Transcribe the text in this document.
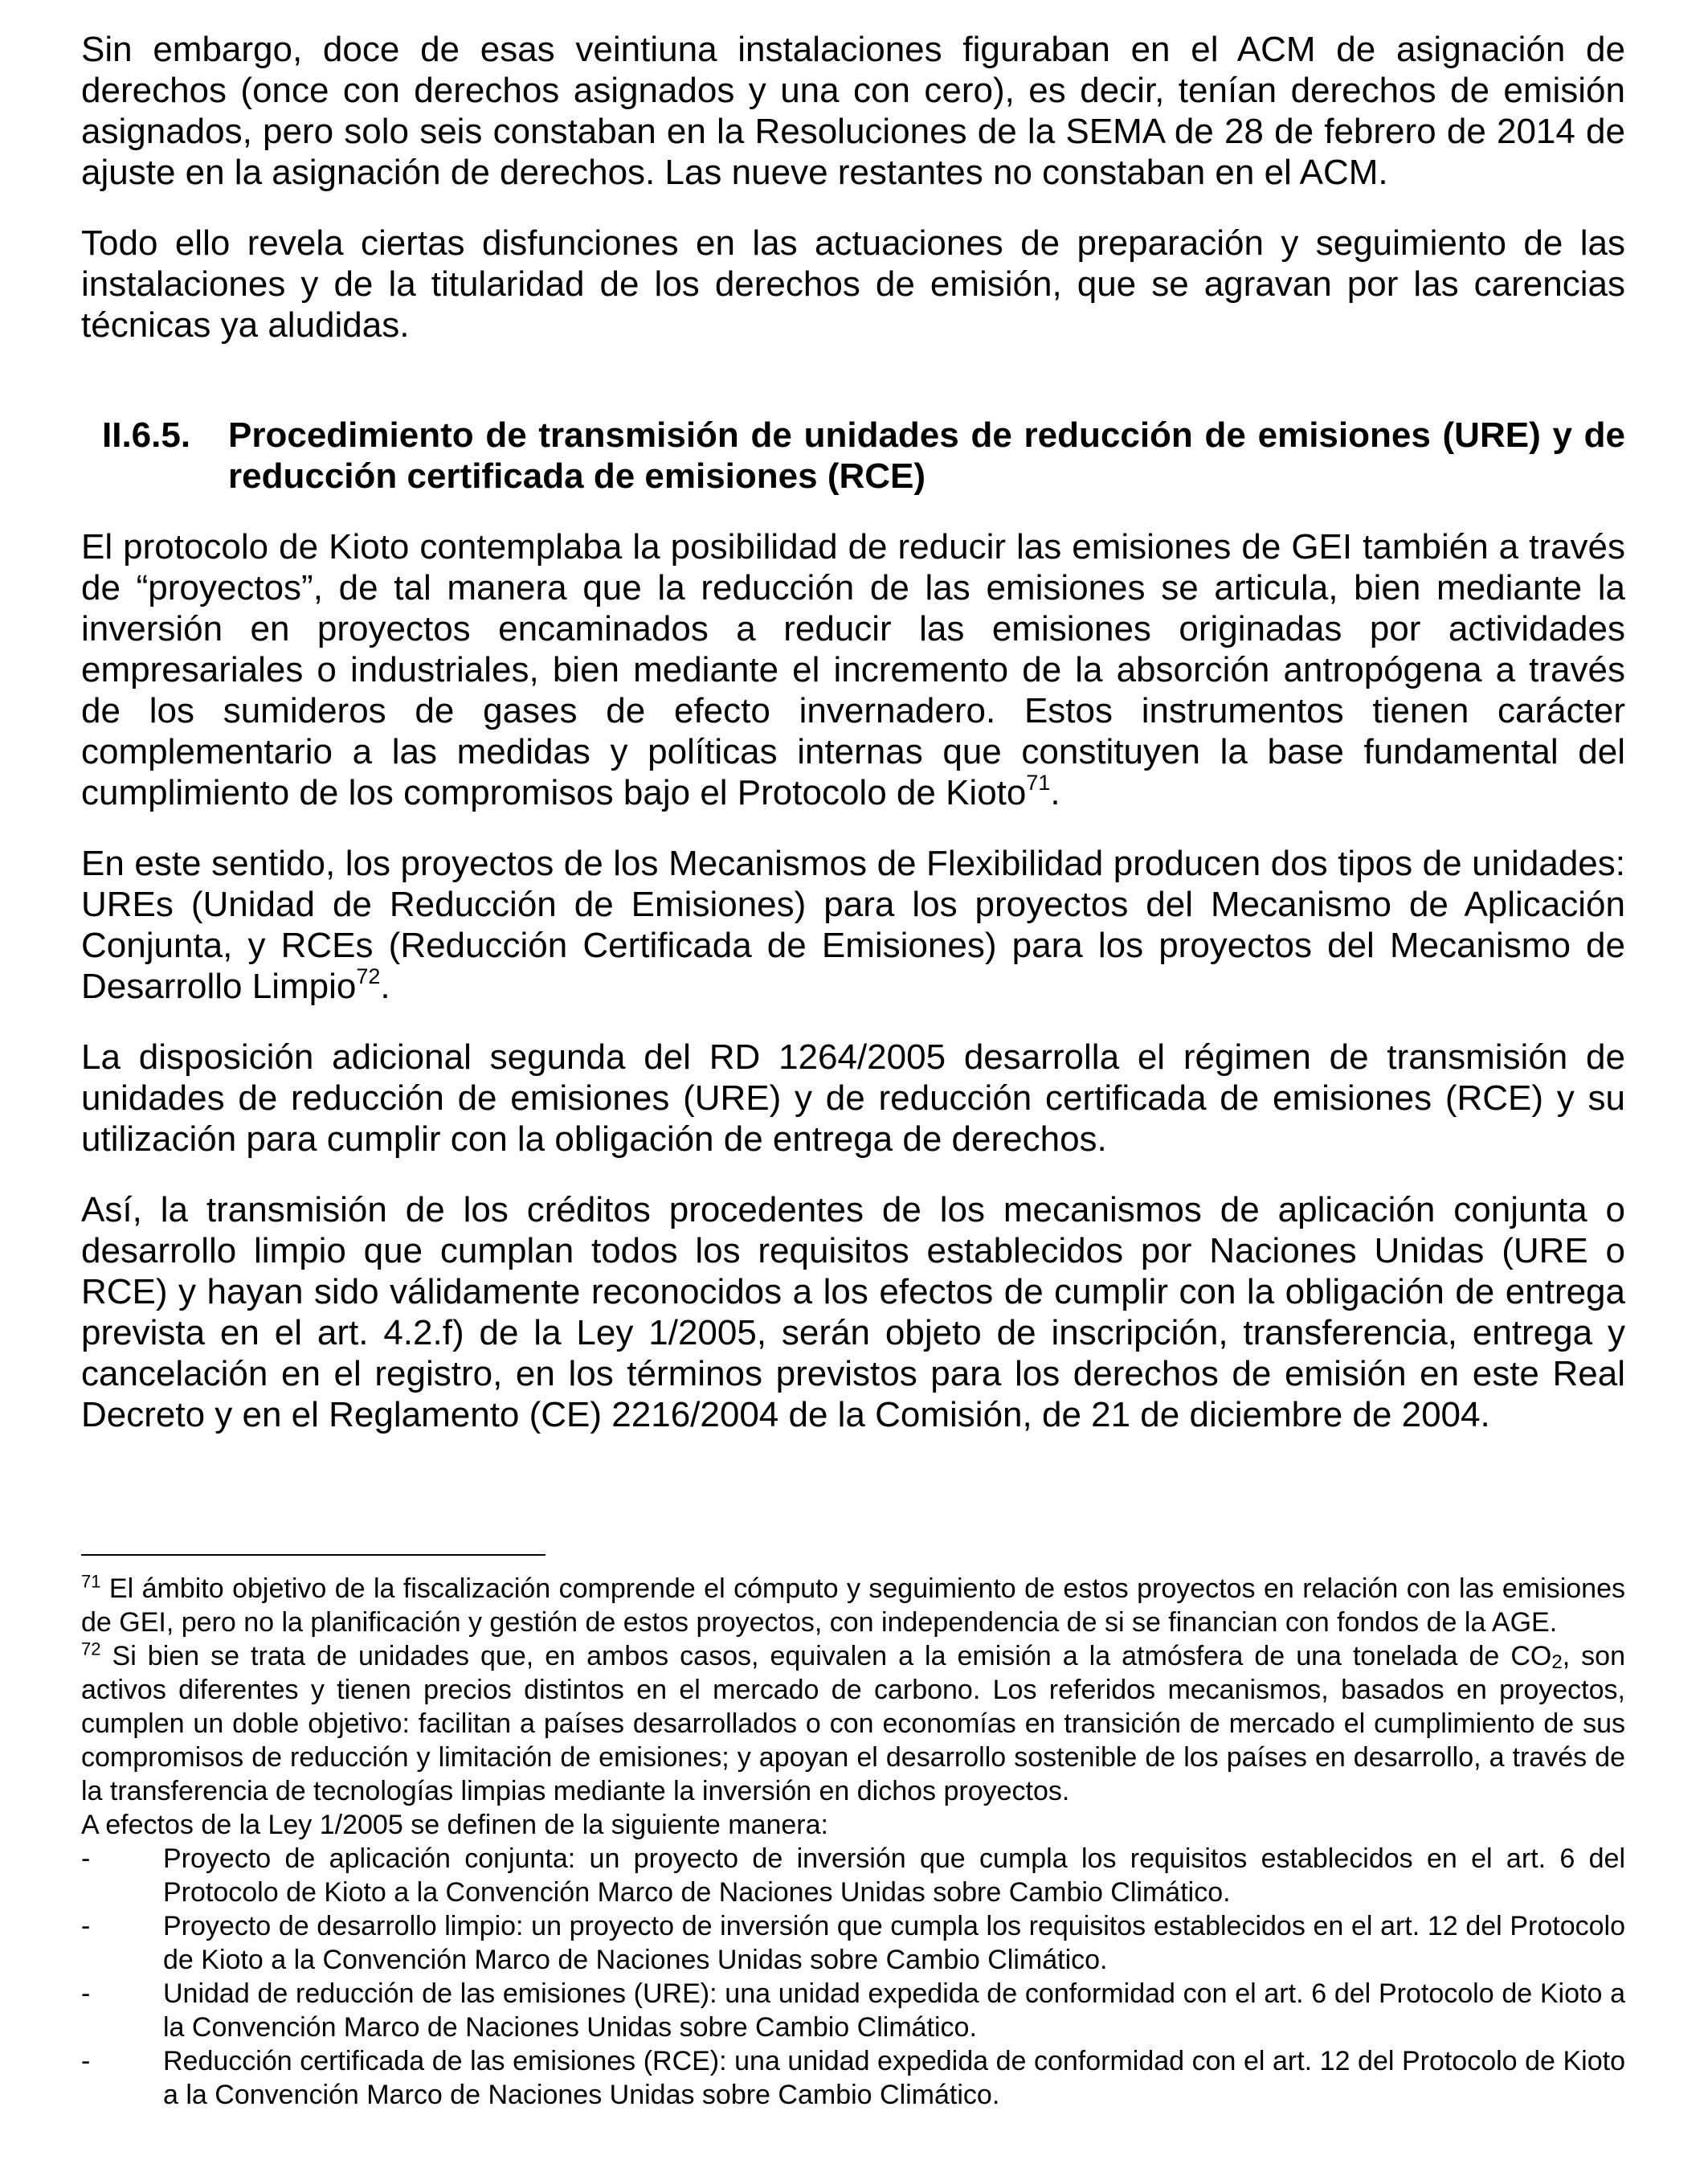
Sin embargo, doce de esas veintiuna instalaciones figuraban en el ACM de asignación de derechos (once con derechos asignados y una con cero), es decir, tenían derechos de emisión asignados, pero solo seis constaban en la Resoluciones de la SEMA de 28 de febrero de 2014 de ajuste en la asignación de derechos. Las nueve restantes no constaban en el ACM.

Todo ello revela ciertas disfunciones en las actuaciones de preparación y seguimiento de las instalaciones y de la titularidad de los derechos de emisión, que se agravan por las carencias técnicas ya aludidas.

II.6.5.	Procedimiento de transmisión de unidades de reducción de emisiones (URE) y de reducción certificada de emisiones (RCE)

El protocolo de Kioto contemplaba la posibilidad de reducir las emisiones de GEI también a través de “proyectos”, de tal manera que la reducción de las emisiones se articula, bien mediante la inversión en proyectos encaminados a reducir las emisiones originadas por actividades empresariales o industriales, bien mediante el incremento de la absorción antropógena a través de los sumideros de gases de efecto invernadero. Estos instrumentos tienen carácter complementario a las medidas y políticas internas que constituyen la base fundamental del cumplimiento de los compromisos bajo el Protocolo de Kioto$^{71}$.

En este sentido, los proyectos de los Mecanismos de Flexibilidad producen dos tipos de unidades: UREs (Unidad de Reducción de Emisiones) para los proyectos del Mecanismo de Aplicación Conjunta, y RCEs (Reducción Certificada de Emisiones) para los proyectos del Mecanismo de Desarrollo Limpio$^{72}$.

La disposición adicional segunda del RD 1264/2005 desarrolla el régimen de transmisión de unidades de reducción de emisiones (URE) y de reducción certificada de emisiones (RCE) y su utilización para cumplir con la obligación de entrega de derechos.

Así, la transmisión de los créditos procedentes de los mecanismos de aplicación conjunta o desarrollo limpio que cumplan todos los requisitos establecidos por Naciones Unidas (URE o RCE) y hayan sido válidamente reconocidos a los efectos de cumplir con la obligación de entrega prevista en el art. 4.2.f) de la Ley 1/2005, serán objeto de inscripción, transferencia, entrega y cancelación en el registro, en los términos previstos para los derechos de emisión en este Real Decreto y en el Reglamento (CE) 2216/2004 de la Comisión, de 21 de diciembre de 2004.

$^{71}$ El ámbito objetivo de la fiscalización comprende el cómputo y seguimiento de estos proyectos en relación con las emisiones de GEI, pero no la planificación y gestión de estos proyectos, con independencia de si se financian con fondos de la AGE.

$^{72}$ Si bien se trata de unidades que, en ambos casos, equivalen a la emisión a la atmósfera de una tonelada de $CO_2$, son activos diferentes y tienen precios distintos en el mercado de carbono. Los referidos mecanismos, basados en proyectos, cumplen un doble objetivo: facilitan a países desarrollados o con economías en transición de mercado el cumplimiento de sus compromisos de reducción y limitación de emisiones; y apoyan el desarrollo sostenible de los países en desarrollo, a través de la transferencia de tecnologías limpias mediante la inversión en dichos proyectos.

A efectos de la Ley 1/2005 se definen de la siguiente manera:

-	Proyecto de aplicación conjunta: un proyecto de inversión que cumpla los requisitos establecidos en el art. 6 del Protocolo de Kioto a la Convención Marco de Naciones Unidas sobre Cambio Climático.
-	Proyecto de desarrollo limpio: un proyecto de inversión que cumpla los requisitos establecidos en el art. 12 del Protocolo de Kioto a la Convención Marco de Naciones Unidas sobre Cambio Climático.
-	Unidad de reducción de las emisiones (URE): una unidad expedida de conformidad con el art. 6 del Protocolo de Kioto a la Convención Marco de Naciones Unidas sobre Cambio Climático.
-	Reducción certificada de las emisiones (RCE): una unidad expedida de conformidad con el art. 12 del Protocolo de Kioto a la Convención Marco de Naciones Unidas sobre Cambio Climático.
